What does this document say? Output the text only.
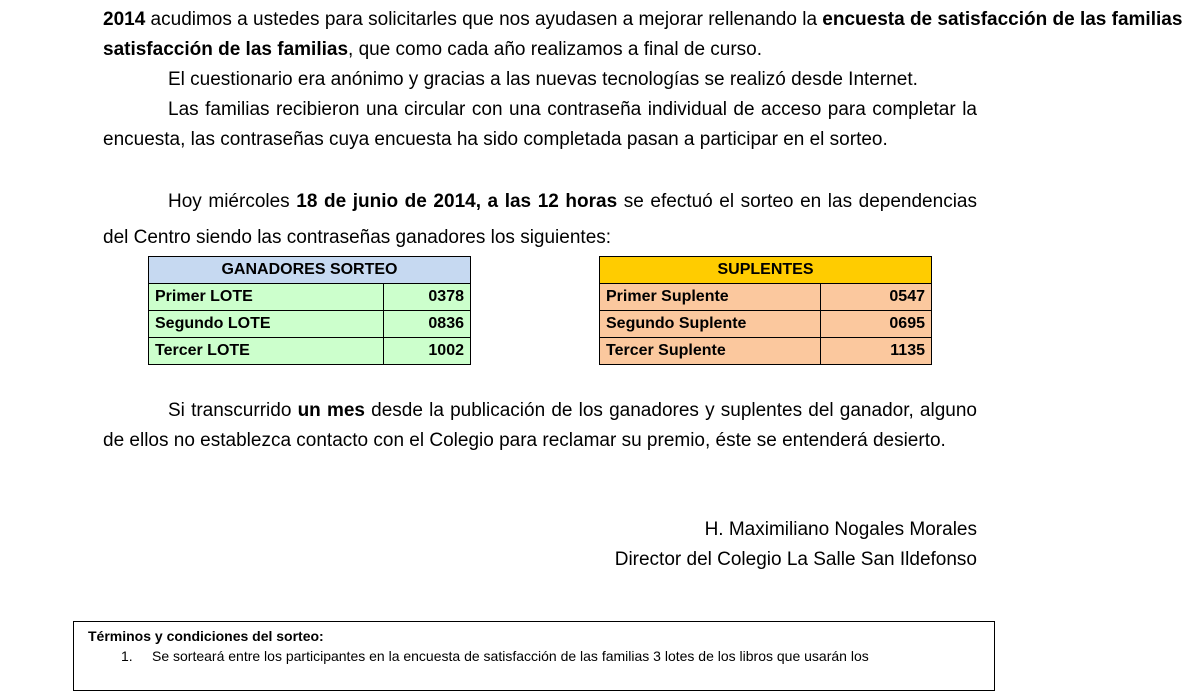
2014 acudimos a ustedes para solicitarles que nos ayudasen a mejorar rellenando la encuesta de satisfacción de las familias

satisfacción de las familias, que como cada año realizamos a final de curso.

El cuestionario era anónimo y gracias a las nuevas tecnologías se realizó desde Internet.

Las familias recibieron una circular con una contraseña individual de acceso para completar la encuesta, las contraseñas cuya encuesta ha sido completada pasan a participar en el sorteo.

Hoy miércoles 18 de junio de 2014, a las 12 horas se efectuó el sorteo en las dependencias del Centro siendo las contraseñas ganadores los siguientes:

Si transcurrido un mes desde la publicación de los ganadores y suplentes del ganador, alguno de ellos no establezca contacto con el Colegio para reclamar su premio, éste se entenderá desierto.

GANADORES SORTEO	
Primer LOTE	0378
Segundo LOTE	0836
Tercer LOTE	1002
SUPLENTES	
Primer Suplente	0547
Segundo Suplente	0695
Tercer Suplente	1135
H. Maximiliano Nogales Morales
Director del Colegio La Salle San Ildefonso
Términos y condiciones del sorteo:
1.	Se sorteará entre los participantes en la encuesta de satisfacción de las familias 3 lotes de los libros que usarán los
